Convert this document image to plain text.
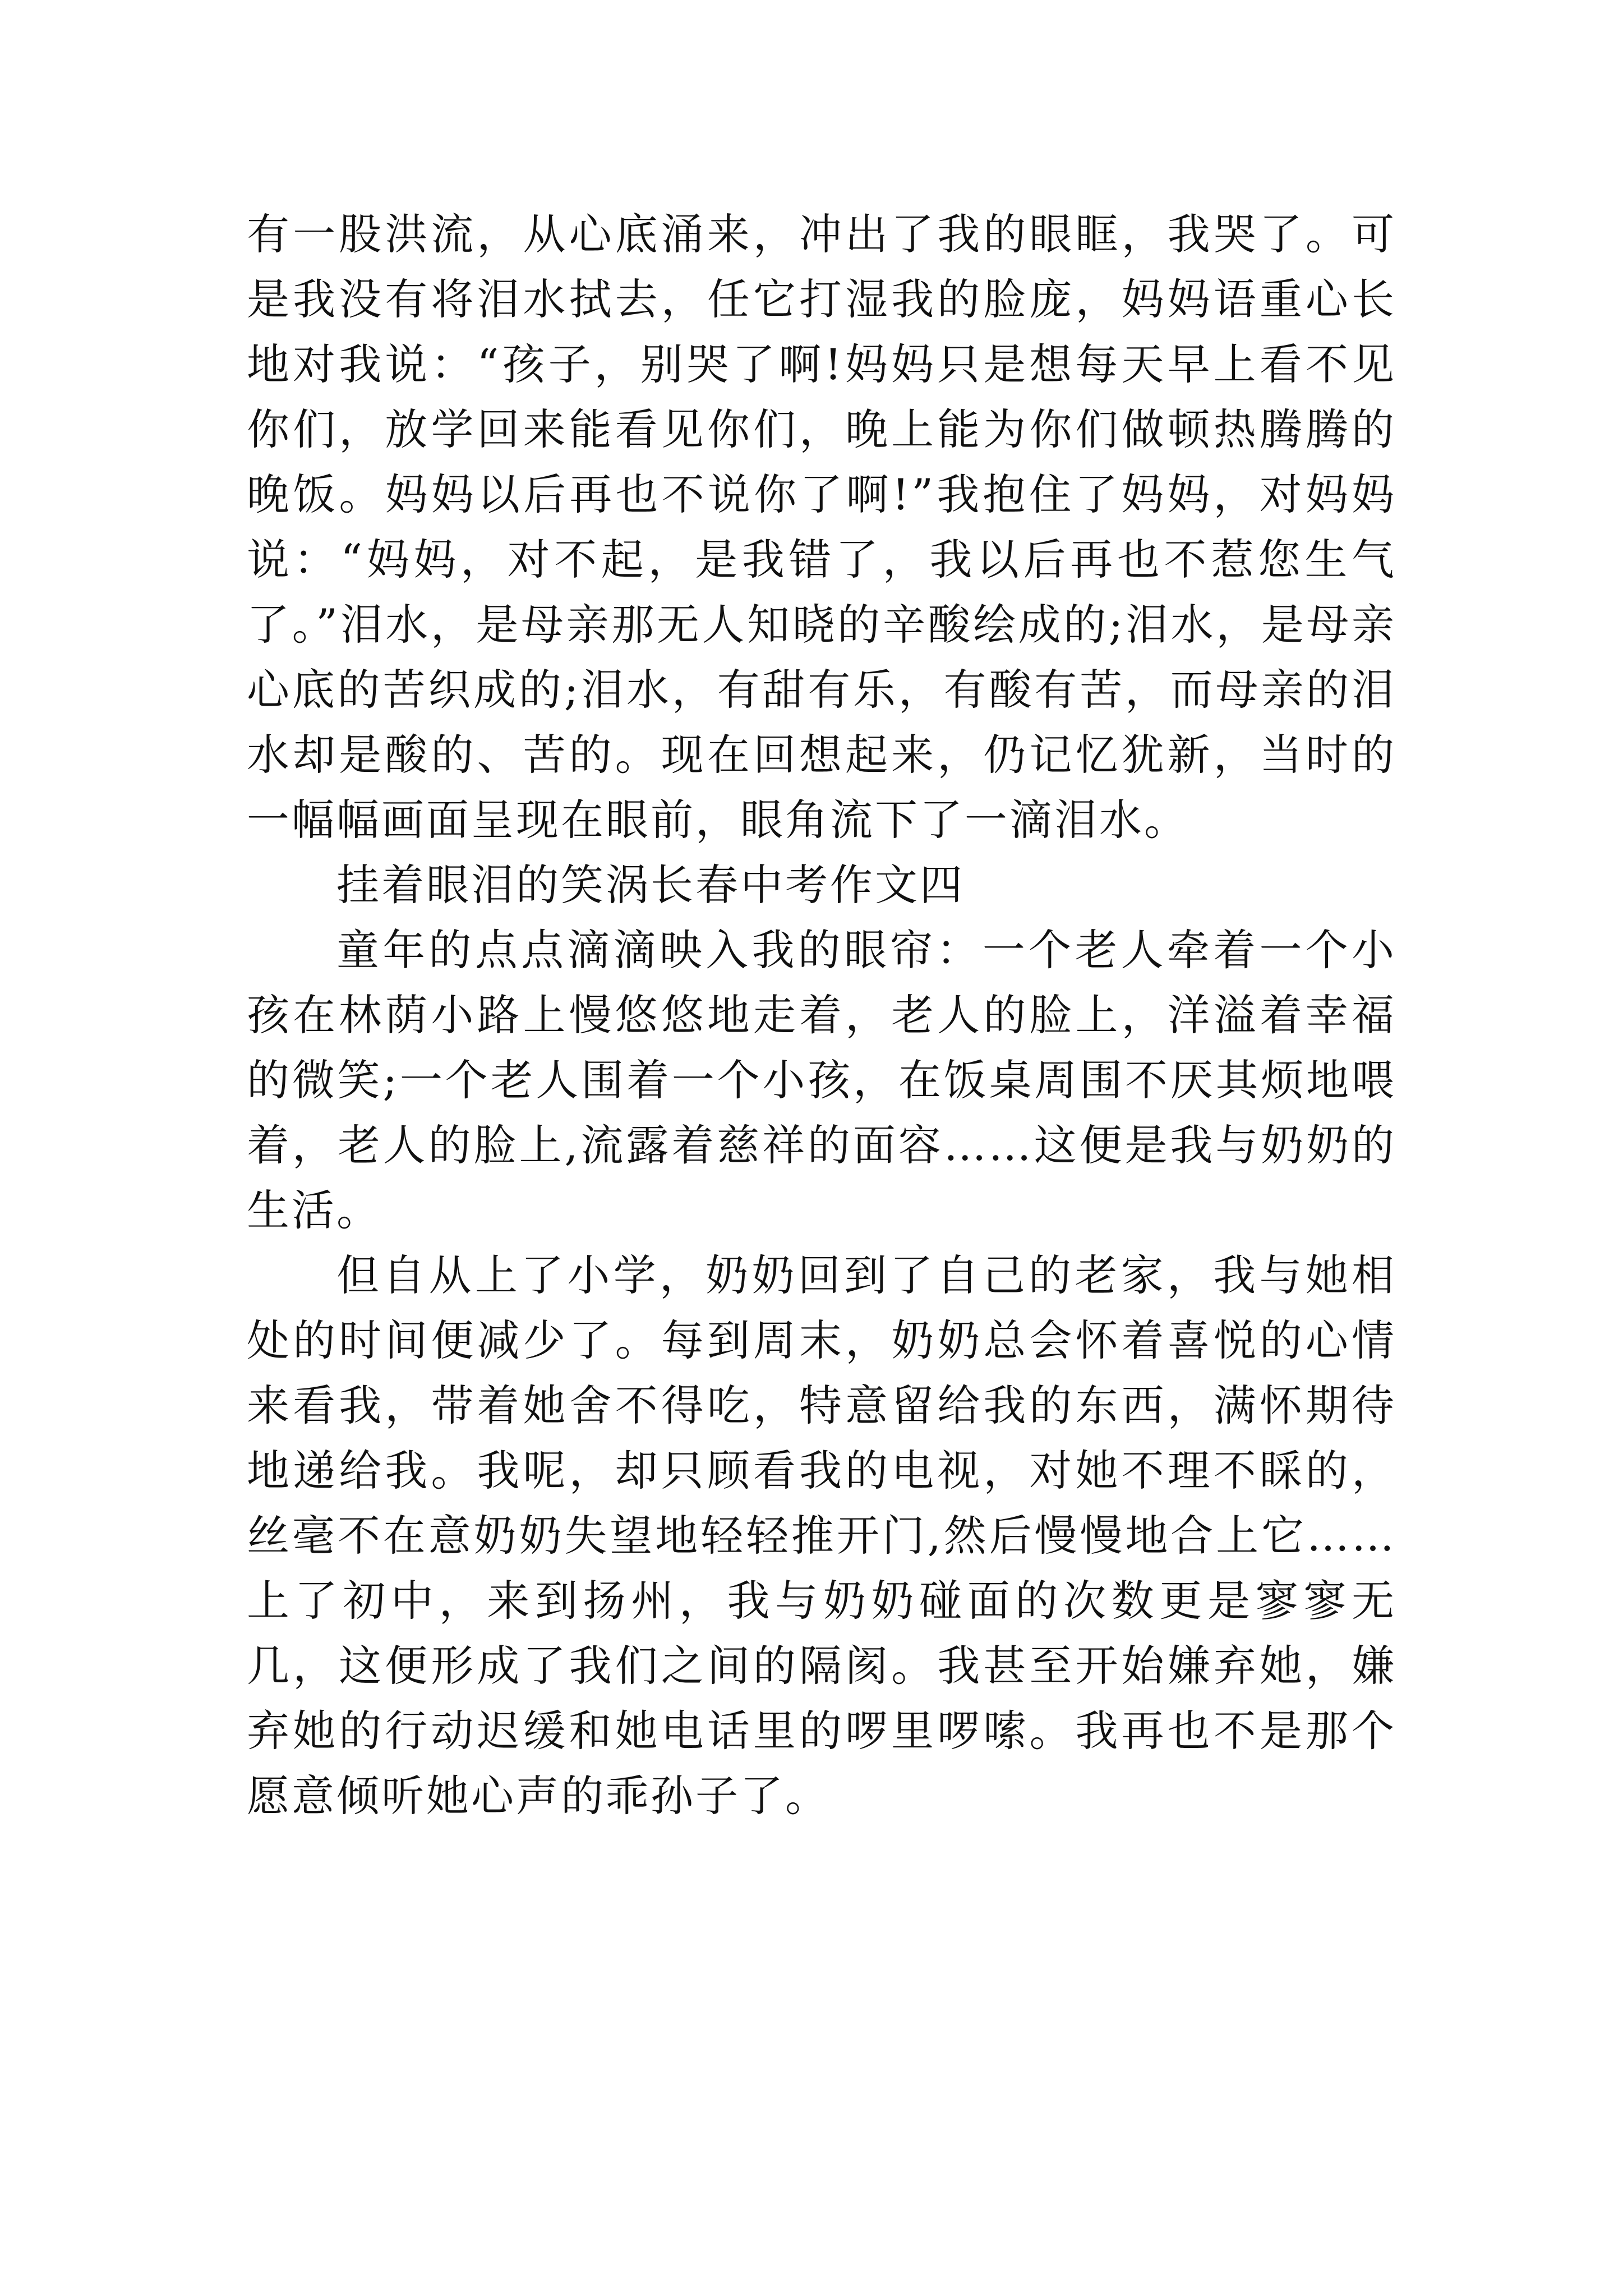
有一股洪流，从心底涌来，冲出了我的眼眶，我哭了。可是我没有将泪水拭去，任它打湿我的脸庞，妈妈语重心长地对我说：“孩子，别哭了啊!妈妈只是想每天早上看不见你们，放学回来能看见你们，晚上能为你们做顿热腾腾的晚饭。妈妈以后再也不说你了啊!”我抱住了妈妈，对妈妈说：“妈妈，对不起，是我错了，我以后再也不惹您生气了。”泪水，是母亲那无人知晓的辛酸绘成的;泪水，是母亲心底的苦织成的;泪水，有甜有乐，有酸有苦，而母亲的泪水却是酸的、苦的。现在回想起来，仍记忆犹新，当时的一幅幅画面呈现在眼前，眼角流下了一滴泪水。

挂着眼泪的笑涡长春中考作文四

童年的点点滴滴映入我的眼帘：一个老人牵着一个小孩在林荫小路上慢悠悠地走着，老人的脸上，洋溢着幸福的微笑;一个老人围着一个小孩，在饭桌周围不厌其烦地喂着，老人的脸上,流露着慈祥的面容……这便是我与奶奶的生活。

但自从上了小学，奶奶回到了自己的老家，我与她相处的时间便减少了。每到周末，奶奶总会怀着喜悦的心情来看我，带着她舍不得吃，特意留给我的东西，满怀期待地递给我。我呢，却只顾看我的电视，对她不理不睬的，丝毫不在意奶奶失望地轻轻推开门,然后慢慢地合上它……上了初中，来到扬州，我与奶奶碰面的次数更是寥寥无几，这便形成了我们之间的隔阂。我甚至开始嫌弃她，嫌弃她的行动迟缓和她电话里的啰里啰嗦。我再也不是那个愿意倾听她心声的乖孙子了。
